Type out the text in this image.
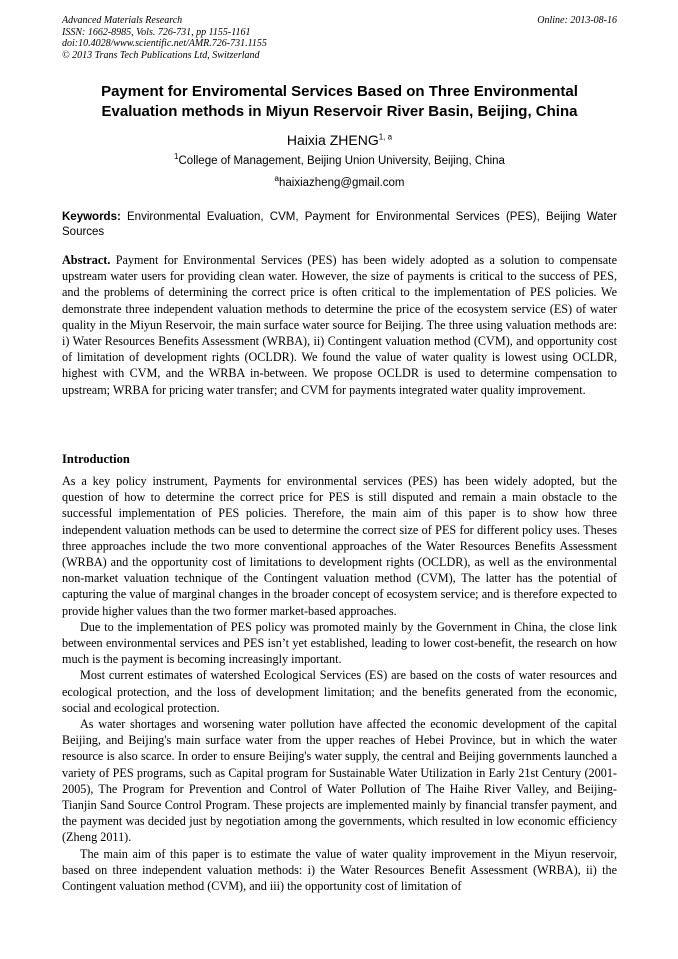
Advanced Materials Research	Online: 2013-08-16
ISSN: 1662-8985, Vols. 726-731, pp 1155-1161
doi:10.4028/www.scientific.net/AMR.726-731.1155
© 2013 Trans Tech Publications Ltd, Switzerland
Payment for Enviromental Services Based on Three Environmental
Evaluation methods in Miyun Reservoir River Basin, Beijing, China
Haixia ZHENG$^{1, a}$
$^1$College of Management, Beijing Union University, Beijing, China
$^a$haixiazheng@gmail.com
Keywords: Environmental Evaluation, CVM, Payment for Environmental Services (PES), Beijing Water Sources
Abstract. Payment for Environmental Services (PES) has been widely adopted as a solution to compensate upstream water users for providing clean water. However, the size of payments is critical to the success of PES, and the problems of determining the correct price is often critical to the implementation of PES policies. We demonstrate three independent valuation methods to determine the price of the ecosystem service (ES) of water quality in the Miyun Reservoir, the main surface water source for Beijing. The three using valuation methods are: i) Water Resources Benefits Assessment (WRBA), ii) Contingent valuation method (CVM), and opportunity cost of limitation of development rights (OCLDR). We found the value of water quality is lowest using OCLDR, highest with CVM, and the WRBA in-between. We propose OCLDR is used to determine compensation to upstream; WRBA for pricing water transfer; and CVM for payments integrated water quality improvement.
Introduction

As a key policy instrument, Payments for environmental services (PES) has been widely adopted, but the question of how to determine the correct price for PES is still disputed and remain a main obstacle to the successful implementation of PES policies. Therefore, the main aim of this paper is to show how three independent valuation methods can be used to determine the correct size of PES for different policy uses. Theses three approaches include the two more conventional approaches of the Water Resources Benefits Assessment (WRBA) and the opportunity cost of limitations to development rights (OCLDR), as well as the environmental non-market valuation technique of the Contingent valuation method (CVM), The latter has the potential of capturing the value of marginal changes in the broader concept of ecosystem service; and is therefore expected to provide higher values than the two former market-based approaches.

Due to the implementation of PES policy was promoted mainly by the Government in China, the close link between environmental services and PES isn’t yet established, leading to lower cost-benefit, the research on how much is the payment is becoming increasingly important.

Most current estimates of watershed Ecological Services (ES) are based on the costs of water resources and ecological protection, and the loss of development limitation; and the benefits generated from the economic, social and ecological protection.

As water shortages and worsening water pollution have affected the economic development of the capital Beijing, and Beijing's main surface water from the upper reaches of Hebei Province, but in which the water resource is also scarce. In order to ensure Beijing's water supply, the central and Beijing governments launched a variety of PES programs, such as Capital program for Sustainable Water Utilization in Early 21st Century (2001-2005), The Program for Prevention and Control of Water Pollution of The Haihe River Valley, and Beijing-Tianjin Sand Source Control Program. These projects are implemented mainly by financial transfer payment, and the payment was decided just by negotiation among the governments, which resulted in low economic efficiency (Zheng 2011).

The main aim of this paper is to estimate the value of water quality improvement in the Miyun reservoir, based on three independent valuation methods: i) the Water Resources Benefit Assessment (WRBA), ii) the Contingent valuation method (CVM), and iii) the opportunity cost of limitation of
